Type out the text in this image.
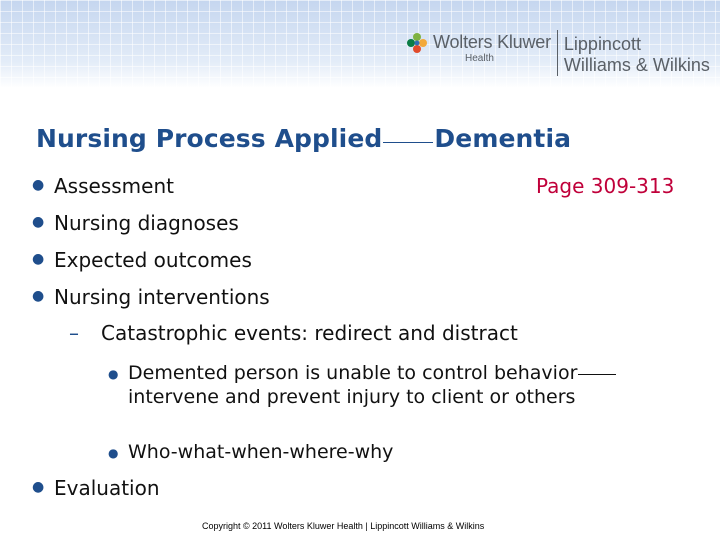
Wolters Kluwer
Health
Lippincott
Williams & Wilkins
Nursing Process Applied Dementia
● Assessment	Page 309-313
● Nursing diagnoses
● Expected outcomes
● Nursing interventions
– Catastrophic events: redirect and distract
● Demented person is unable to control behaviorintervene and prevent injury to client or others
● Who-what-when-where-why
● Evaluation
Copyright © 2011 Wolters Kluwer Health | Lippincott Williams & Wilkins
